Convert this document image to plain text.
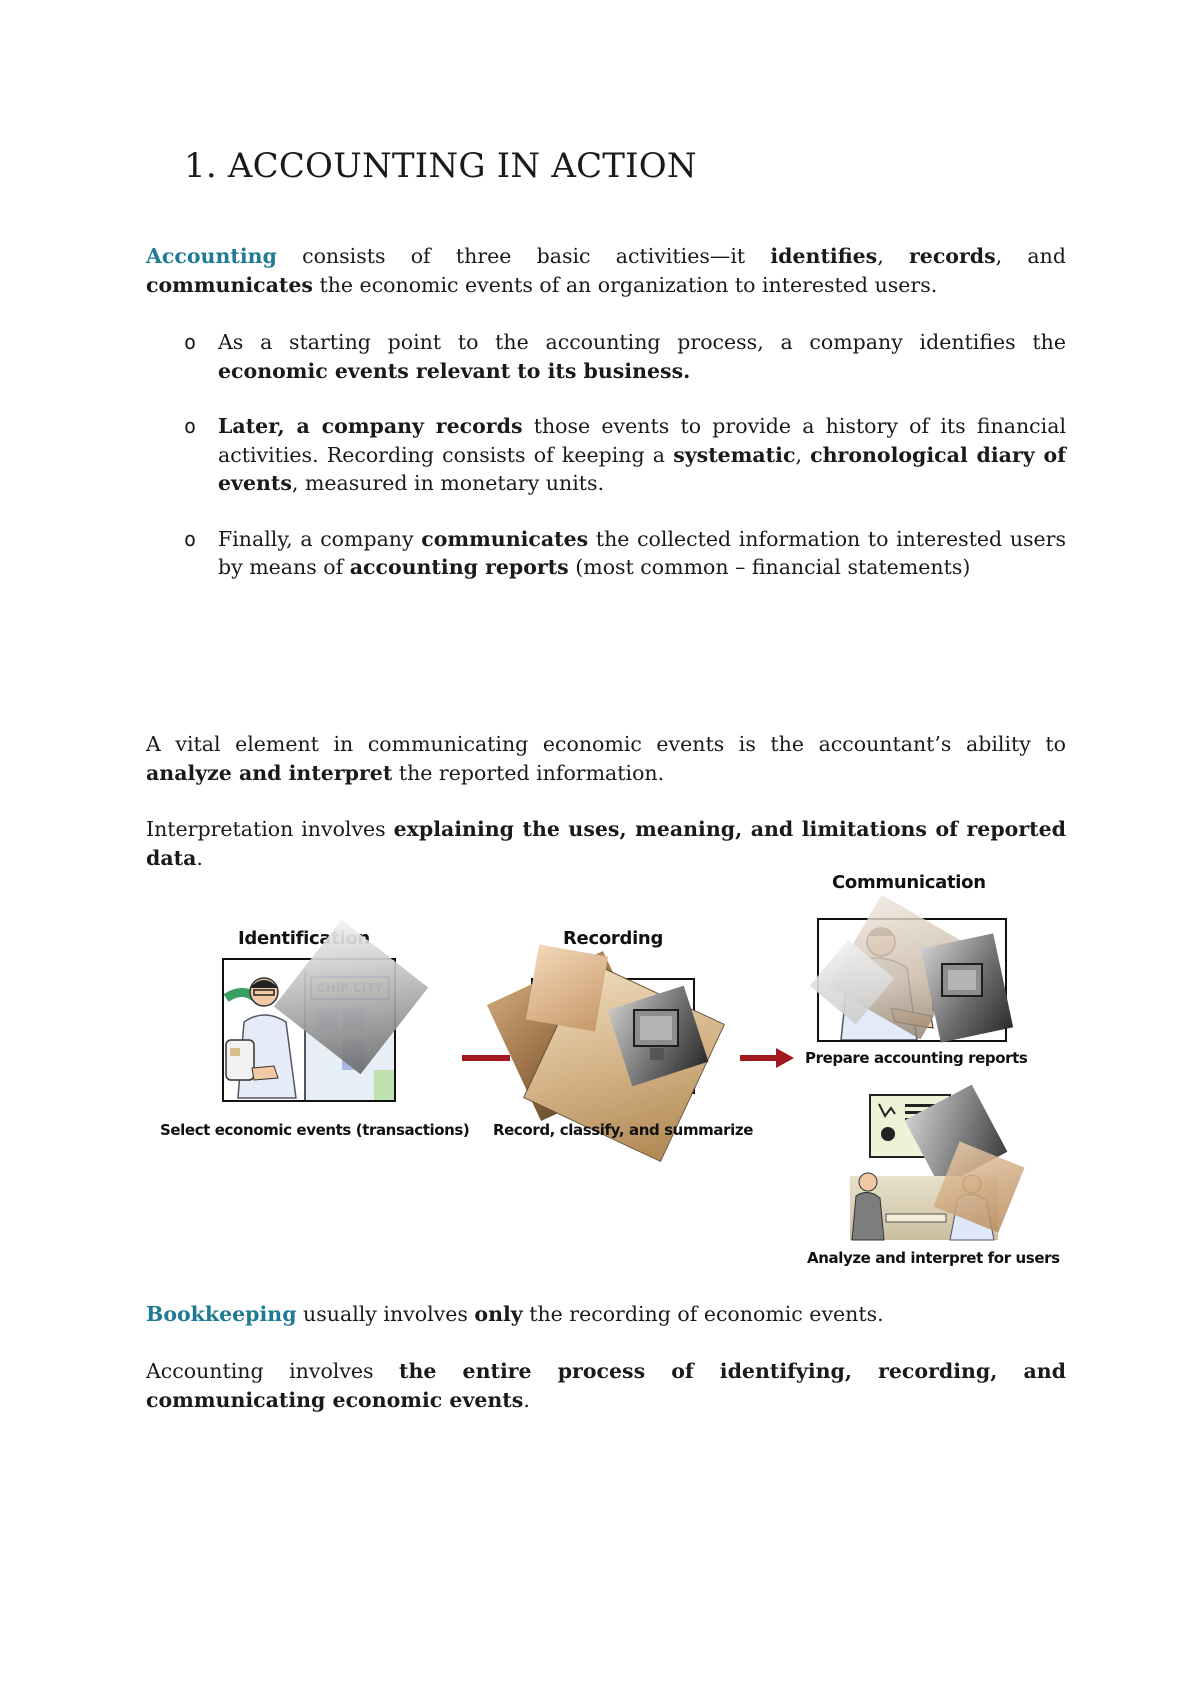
1. ACCOUNTING IN ACTION

Accounting consists of three basic activities—it identifies, records, and communicates the economic events of an organization to interested users.

o As a starting point to the accounting process, a company identifies the economic events relevant to its business.
o Later, a company records those events to provide a history of its financial activities. Recording consists of keeping a systematic, chronological diary of events, measured in monetary units.
o Finally, a company communicates the collected information to interested users by means of accounting reports (most common – financial statements)

A vital element in communicating economic events is the accountant’s ability to analyze and interpret the reported information.

Interpretation involves explaining the uses, meaning, and limitations of reported data.

Identification
Select economic events (transactions)
Recording
Record, classify, and summarize
Communication
Prepare accounting reports
Analyze and interpret for users

Bookkeeping usually involves only the recording of economic events.

Accounting involves the entire process of identifying, recording, and communicating economic events.
